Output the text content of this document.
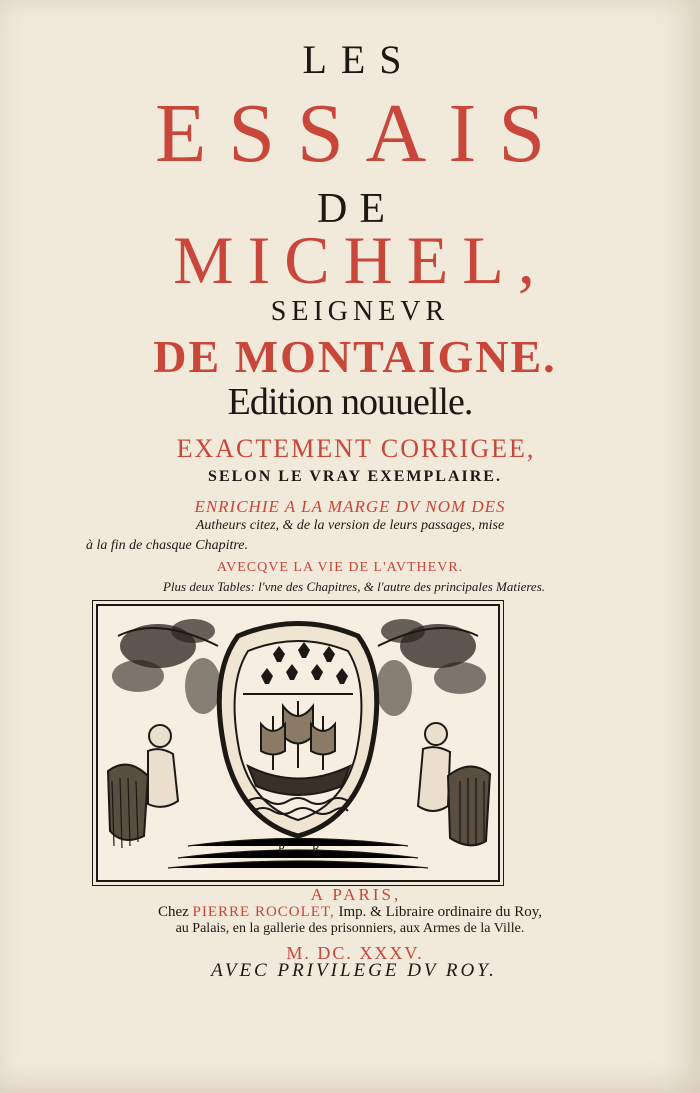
LES
ESSAIS
DE
MICHEL,
SEIGNEVR
DE MONTAIGNE.
Edition nouuelle.
EXACTEMENT CORRIGEE,
SELON LE VRAY EXEMPLAIRE.
ENRICHIE A LA MARGE DV NOM DES
Autheurs citez, & de la version de leurs passages, mise
à la fin de chasque Chapitre.
AVECQVE LA VIE DE L'AVTHEVR.
Plus deux Tables: l'vne des Chapitres, & l'autre des principales Matieres.
P R
A PARIS,
Chez PIERRE ROCOLET, Imp. & Libraire ordinaire du Roy,
au Palais, en la gallerie des prisonniers, aux Armes de la Ville.
M. DC. XXXV.
AVEC PRIVILEGE DV ROY.
